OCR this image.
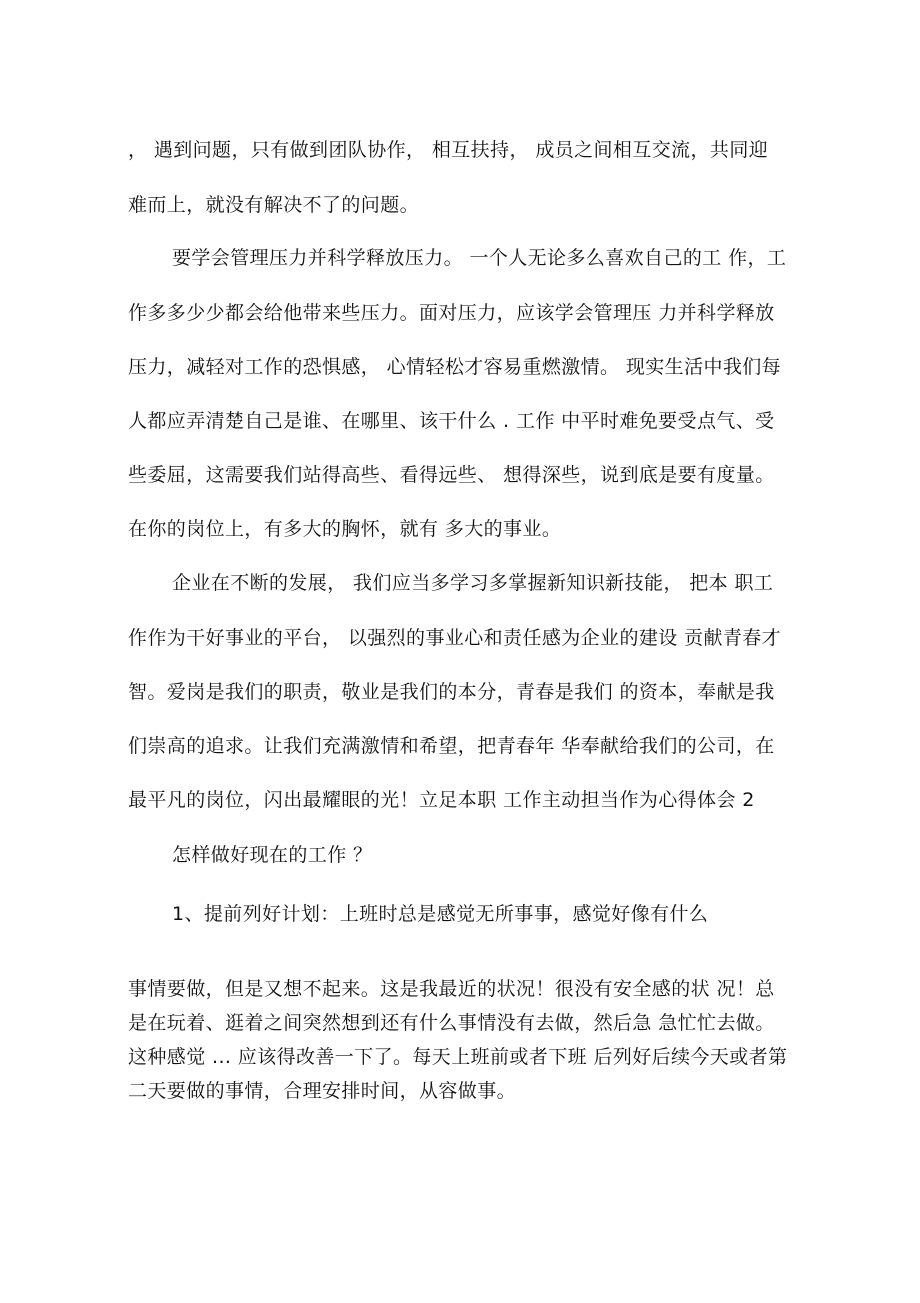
， 遇到问题，只有做到团队协作， 相互扶持， 成员之间相互交流，共同迎

难而上，就没有解决不了的问题。

要学会管理压力并科学释放压力。 一个人无论多么喜欢自己的工 作，工

作多多少少都会给他带来些压力。面对压力，应该学会管理压 力并科学释放

压力，减轻对工作的恐惧感， 心情轻松才容易重燃激情。 现实生活中我们每

人都应弄清楚自己是谁、在哪里、该干什么 . 工作 中平时难免要受点气、受

些委屈，这需要我们站得高些、看得远些、 想得深些，说到底是要有度量。

在你的岗位上，有多大的胸怀，就有 多大的事业。

企业在不断的发展， 我们应当多学习多掌握新知识新技能， 把本 职工

作作为干好事业的平台， 以强烈的事业心和责任感为企业的建设 贡献青春才

智。爱岗是我们的职责，敬业是我们的本分，青春是我们 的资本，奉献是我

们崇高的追求。让我们充满激情和希望，把青春年 华奉献给我们的公司，在

最平凡的岗位，闪出最耀眼的光！立足本职 工作主动担当作为心得体会 2

怎样做好现在的工作 ？

1、提前列好计划：上班时总是感觉无所事事，感觉好像有什么

事情要做，但是又想不起来。这是我最近的状况！很没有安全感的状 况！总

是在玩着、逛着之间突然想到还有什么事情没有去做，然后急 急忙忙去做。

这种感觉 ... 应该得改善一下了。每天上班前或者下班 后列好后续今天或者第

二天要做的事情，合理安排时间，从容做事。
